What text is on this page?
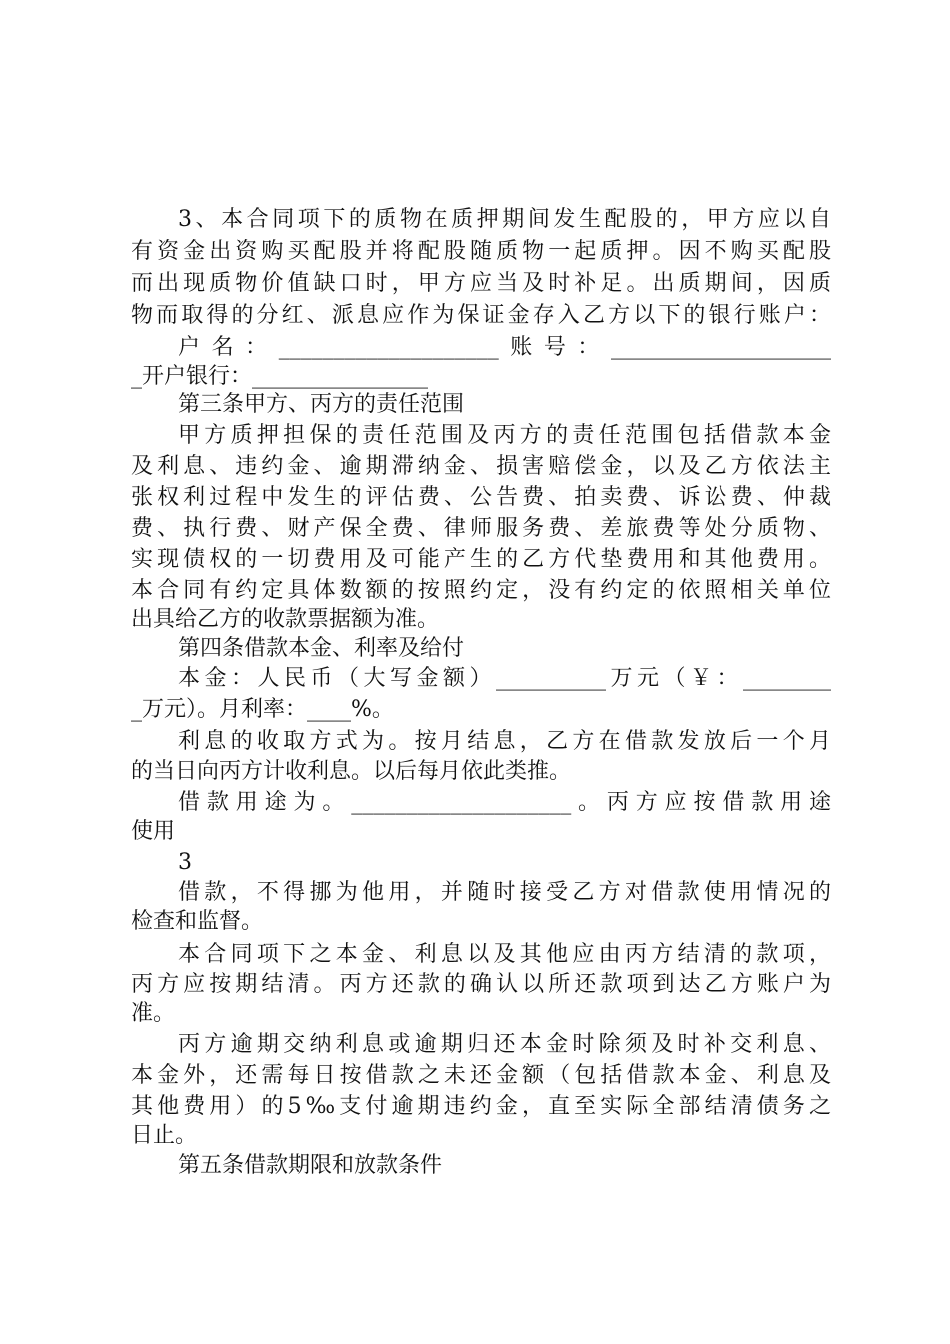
3、本合同项下的质物在质押期间发生配股的，甲方应以自
有资金出资购买配股并将配股随质物一起质押。因不购买配股
而出现质物价值缺口时，甲方应当及时补足。出质期间，因质
物而取得的分红、派息应作为保证金存入乙方以下的银行账户：
户名：____________________账号：____________________
_开户银行：________________
第三条甲方、丙方的责任范围
甲方质押担保的责任范围及丙方的责任范围包括借款本金
及利息、违约金、逾期滞纳金、损害赔偿金，以及乙方依法主
张权利过程中发生的评估费、公告费、拍卖费、诉讼费、仲裁
费、执行费、财产保全费、律师服务费、差旅费等处分质物、
实现债权的一切费用及可能产生的乙方代垫费用和其他费用。
本合同有约定具体数额的按照约定，没有约定的依照相关单位
出具给乙方的收款票据额为准。
第四条借款本金、利率及给付
本金：人民币（大写金额）__________万元（￥：________
_万元）。月利率：____%。
利息的收取方式为。按月结息，乙方在借款发放后一个月
的当日向丙方计收利息。以后每月依此类推。
借款用途为。____________________。丙方应按借款用途
使用
3
借款，不得挪为他用，并随时接受乙方对借款使用情况的
检查和监督。
本合同项下之本金、利息以及其他应由丙方结清的款项，
丙方应按期结清。丙方还款的确认以所还款项到达乙方账户为
准。
丙方逾期交纳利息或逾期归还本金时除须及时补交利息、
本金外，还需每日按借款之未还金额（包括借款本金、利息及
其他费用）的5‰支付逾期违约金，直至实际全部结清债务之
日止。
第五条借款期限和放款条件
